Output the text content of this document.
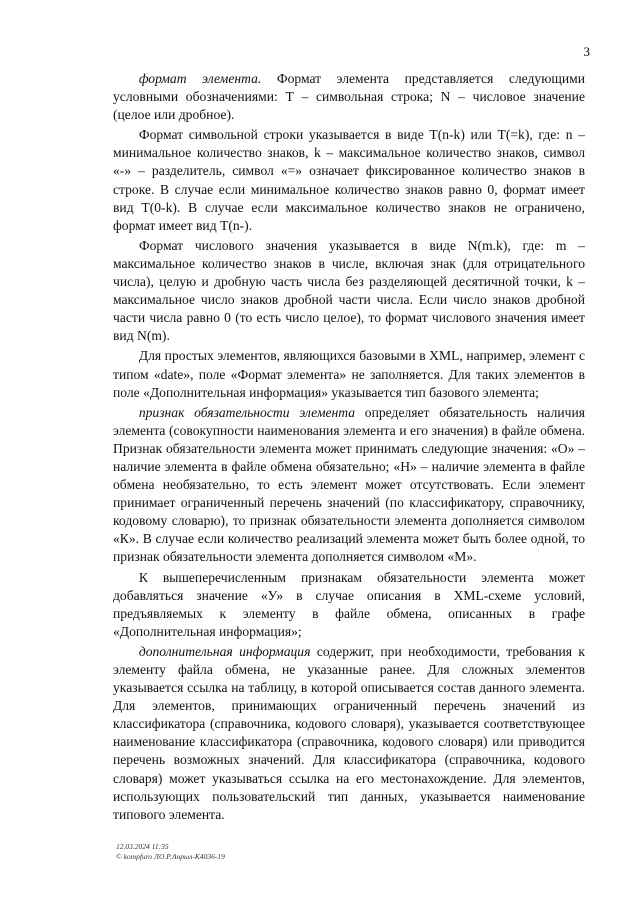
3

формат элемента. Формат элемента представляется следующими условными обозначениями: Т – символьная строка; N – числовое значение (целое или дробное).

Формат символьной строки указывается в виде T(n-k) или T(=k), где: n – минимальное количество знаков, k – максимальное количество знаков, символ «-» – разделитель, символ «=» означает фиксированное количество знаков в строке. В случае если минимальное количество знаков равно 0, формат имеет вид T(0-k). В случае если максимальное количество знаков не ограничено, формат имеет вид T(n-).

Формат числового значения указывается в виде N(m.k), где: m – максимальное количество знаков в числе, включая знак (для отрицательного числа), целую и дробную часть числа без разделяющей десятичной точки, k – максимальное число знаков дробной части числа. Если число знаков дробной части числа равно 0 (то есть число целое), то формат числового значения имеет вид N(m).

Для простых элементов, являющихся базовыми в XML, например, элемент с типом «date», поле «Формат элемента» не заполняется. Для таких элементов в поле «Дополнительная информация» указывается тип базового элемента;

признак обязательности элемента определяет обязательность наличия элемента (совокупности наименования элемента и его значения) в файле обмена. Признак обязательности элемента может принимать следующие значения: «О» – наличие элемента в файле обмена обязательно; «Н» – наличие элемента в файле обмена необязательно, то есть элемент может отсутствовать. Если элемент принимает ограниченный перечень значений (по классификатору, справочнику, кодовому словарю), то признак обязательности элемента дополняется символом «К». В случае если количество реализаций элемента может быть более одной, то признак обязательности элемента дополняется символом «М».

К вышеперечисленным признакам обязательности элемента может добавляться значение «У» в случае описания в XML-схеме условий, предъявляемых к элементу в файле обмена, описанных в графе «Дополнительная информация»;

дополнительная информация содержит, при необходимости, требования к элементу файла обмена, не указанные ранее. Для сложных элементов указывается ссылка на таблицу, в которой описывается состав данного элемента. Для элементов, принимающих ограниченный перечень значений из классификатора (справочника, кодового словаря), указывается соответствующее наименование классификатора (справочника, кодового словаря) или приводится перечень возможных значений. Для классификатора (справочника, кодового словаря) может указываться ссылка на его местонахождение. Для элементов, использующих пользовательский тип данных, указывается наименование типового элемента.

12.03.2024 11:35
© kompfuro ЛО.Р.Анрыл-К4036-19
